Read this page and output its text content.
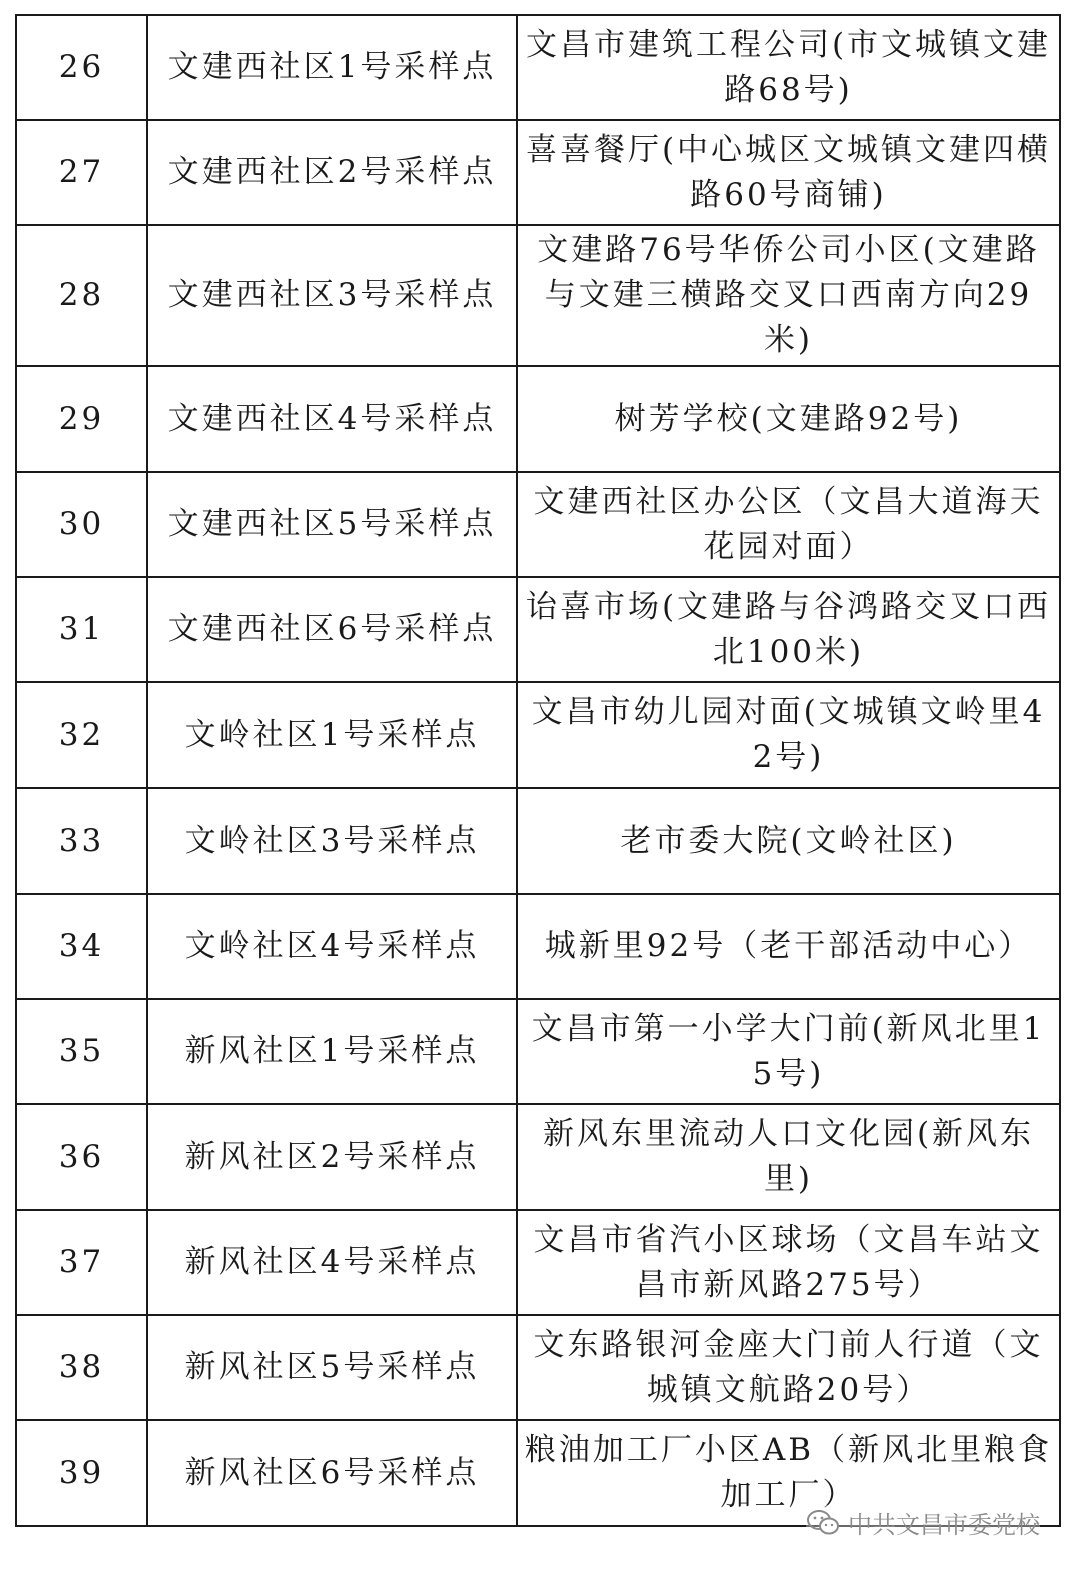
26	文建西社区1号采样点	文昌市建筑工程公司(市文城镇文建路68号)
27	文建西社区2号采样点	喜喜餐厅(中心城区文城镇文建四横路60号商铺)
28	文建西社区3号采样点	文建路76号华侨公司小区(文建路与文建三横路交叉口西南方向29米)
29	文建西社区4号采样点	树芳学校(文建路92号)
30	文建西社区5号采样点	文建西社区办公区（文昌大道海天花园对面）
31	文建西社区6号采样点	诒喜市场(文建路与谷鸿路交叉口西北100米)
32	文岭社区1号采样点	文昌市幼儿园对面(文城镇文岭里42号)
33	文岭社区3号采样点	老市委大院(文岭社区)
34	文岭社区4号采样点	城新里92号（老干部活动中心）
35	新风社区1号采样点	文昌市第一小学大门前(新风北里15号)
36	新风社区2号采样点	新风东里流动人口文化园(新风东里)
37	新风社区4号采样点	文昌市省汽小区球场（文昌车站文昌市新风路275号）
38	新风社区5号采样点	文东路银河金座大门前人行道（文城镇文航路20号）
39	新风社区6号采样点	粮油加工厂小区AB（新风北里粮食加工厂）
中共文昌市委党校
